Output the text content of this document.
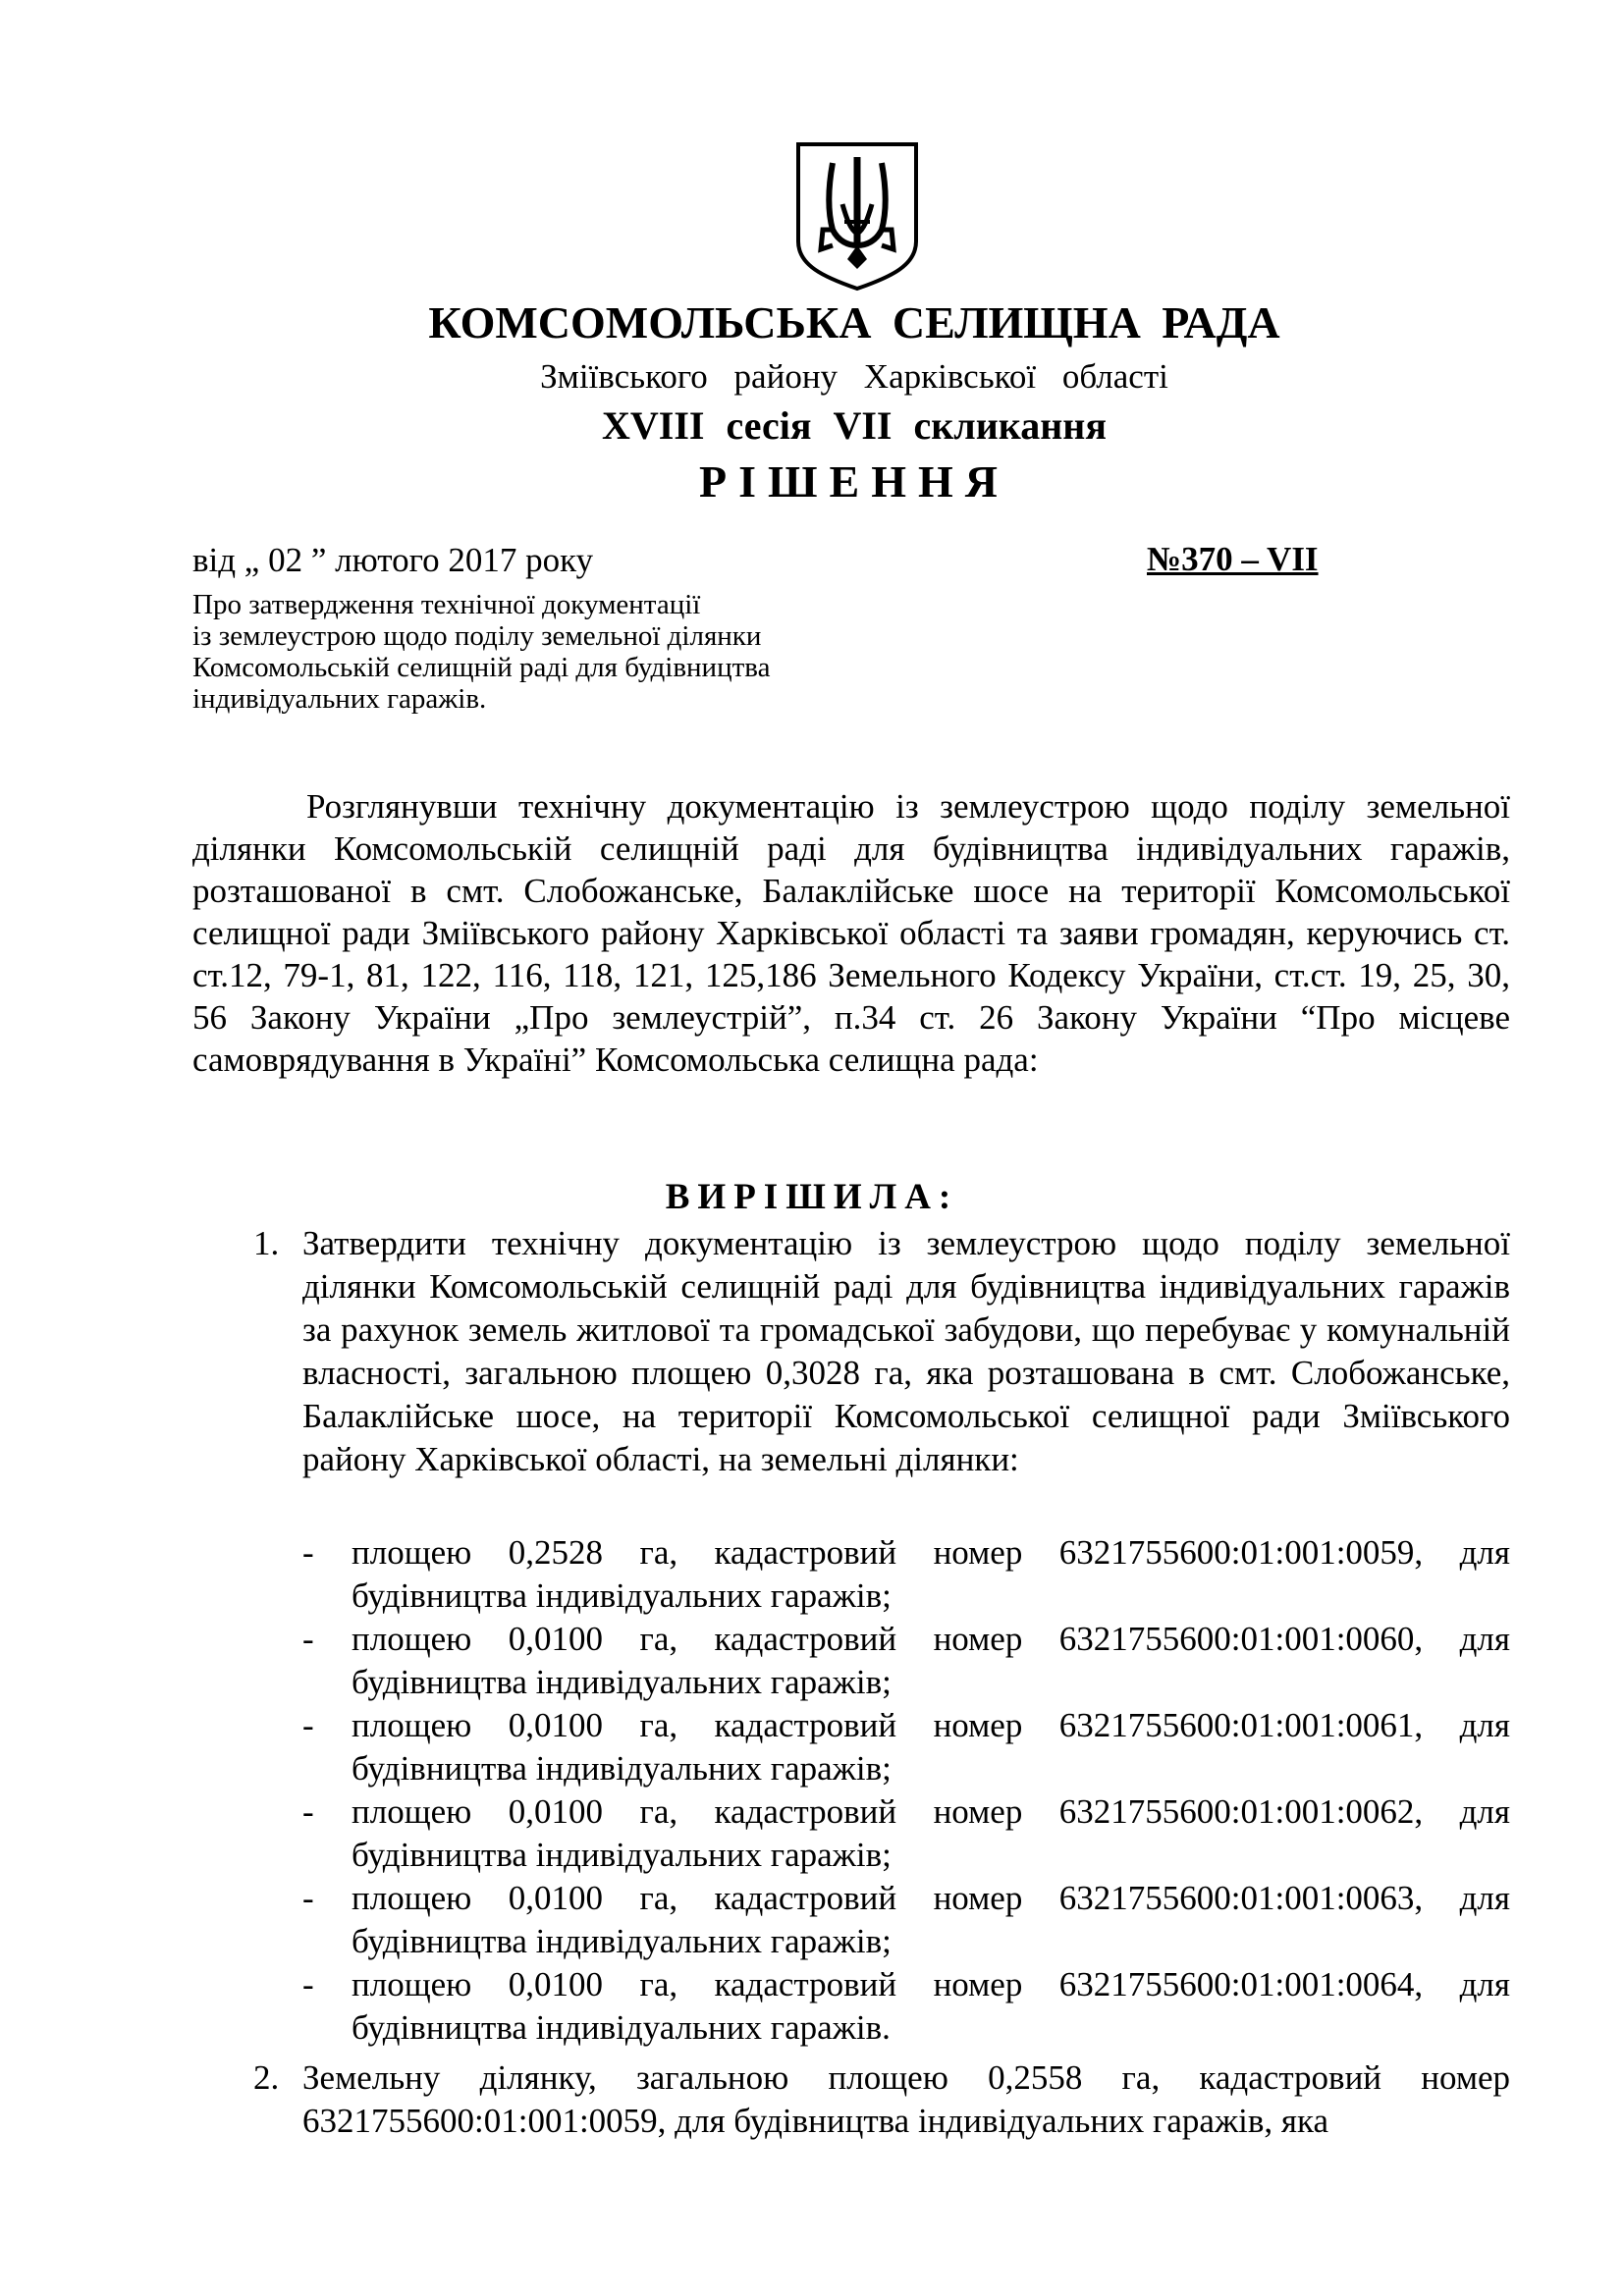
КОМСОМОЛЬСЬКА СЕЛИЩНА РАДА
Зміївського району Харківської області
XVIII сесія VII скликання
РІШЕННЯ
від „ 02 ” лютого 2017 року	№370 – VII
Про затвердження технічної документації
із землеустрою щодо поділу земельної ділянки
Комсомольській селищній раді для будівництва
індивідуальних гаражів.

Розглянувши технічну документацію із землеустрою щодо поділу земельної ділянки Комсомольській селищній раді для будівництва індивідуальних гаражів, розташованої в смт. Слобожанське, Балаклійське шосе на території Комсомольської селищної ради Зміївського району Харківської області та заяви громадян, керуючись ст. ст.12, 79-1, 81, 122, 116, 118, 121, 125,186 Земельного Кодексу України, ст.ст. 19, 25, 30, 56 Закону України „Про землеустрій”, п.34 ст. 26 Закону України “Про місцеве самоврядування в Україні” Комсомольська селищна рада:

ВИРІШИЛА:
1. Затвердити технічну документацію із землеустрою щодо поділу земельної ділянки Комсомольській селищній раді для будівництва індивідуальних гаражів за рахунок земель житлової та громадської забудови, що перебуває у комунальній власності, загальною площею 0,3028 га, яка розташована в смт. Слобожанське, Балаклійське шосе, на території Комсомольської селищної ради Зміївського району Харківської області, на земельні ділянки:
- площею 0,2528 га, кадастровий номер 6321755600:01:001:0059, для будівництва індивідуальних гаражів;
- площею 0,0100 га, кадастровий номер 6321755600:01:001:0060, для будівництва індивідуальних гаражів;
- площею 0,0100 га, кадастровий номер 6321755600:01:001:0061, для будівництва індивідуальних гаражів;
- площею 0,0100 га, кадастровий номер 6321755600:01:001:0062, для будівництва індивідуальних гаражів;
- площею 0,0100 га, кадастровий номер 6321755600:01:001:0063, для будівництва індивідуальних гаражів;
- площею 0,0100 га, кадастровий номер 6321755600:01:001:0064, для будівництва індивідуальних гаражів.
2. Земельну ділянку, загальною площею 0,2558 га, кадастровий номер 6321755600:01:001:0059, для будівництва індивідуальних гаражів, яка
